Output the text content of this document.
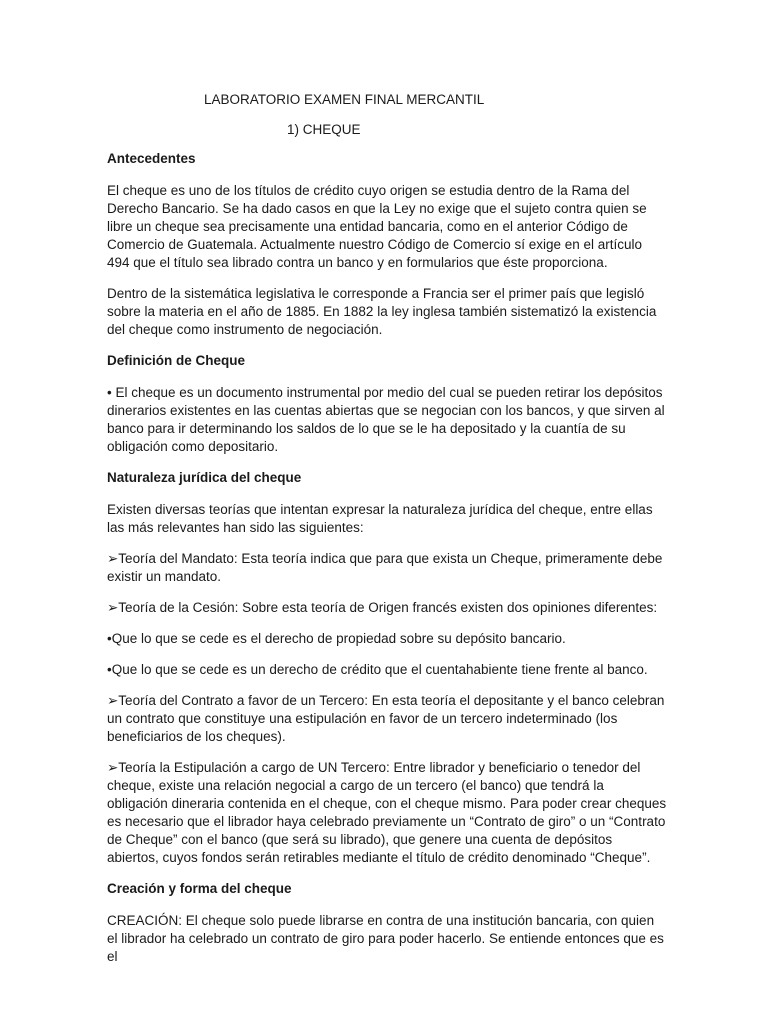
LABORATORIO EXAMEN FINAL MERCANTIL
1) CHEQUE
Antecedentes

El cheque es uno de los títulos de crédito cuyo origen se estudia dentro de la Rama del Derecho Bancario. Se ha dado casos en que la Ley no exige que el sujeto contra quien se libre un cheque sea precisamente una entidad bancaria, como en el anterior Código de Comercio de Guatemala. Actualmente nuestro Código de Comercio sí exige en el artículo 494 que el título sea librado contra un banco y en formularios que éste proporciona.

Dentro de la sistemática legislativa le corresponde a Francia ser el primer país que legisló sobre la materia en el año de 1885. En 1882 la ley inglesa también sistematizó la existencia del cheque como instrumento de negociación.

Definición de Cheque

• El cheque es un documento instrumental por medio del cual se pueden retirar los depósitos dinerarios existentes en las cuentas abiertas que se negocian con los bancos, y que sirven al banco para ir determinando los saldos de lo que se le ha depositado y la cuantía de su obligación como depositario.

Naturaleza jurídica del cheque

Existen diversas teorías que intentan expresar la naturaleza jurídica del cheque, entre ellas las más relevantes han sido las siguientes:

➢Teoría del Mandato: Esta teoría indica que para que exista un Cheque, primeramente debe existir un mandato.

➢Teoría de la Cesión: Sobre esta teoría de Origen francés existen dos opiniones diferentes:

•Que lo que se cede es el derecho de propiedad sobre su depósito bancario.

•Que lo que se cede es un derecho de crédito que el cuentahabiente tiene frente al banco.

➢Teoría del Contrato a favor de un Tercero: En esta teoría el depositante y el banco celebran un contrato que constituye una estipulación en favor de un tercero indeterminado (los beneficiarios de los cheques).

➢Teoría la Estipulación a cargo de UN Tercero: Entre librador y beneficiario o tenedor del cheque, existe una relación negocial a cargo de un tercero (el banco) que tendrá la obligación dineraria contenida en el cheque, con el cheque mismo. Para poder crear cheques es necesario que el librador haya celebrado previamente un “Contrato de giro” o un “Contrato de Cheque” con el banco (que será su librado), que genere una cuenta de depósitos abiertos, cuyos fondos serán retirables mediante el título de crédito denominado “Cheque”.

Creación y forma del cheque

CREACIÓN: El cheque solo puede librarse en contra de una institución bancaria, con quien el librador ha celebrado un contrato de giro para poder hacerlo. Se entiende entonces que es el
